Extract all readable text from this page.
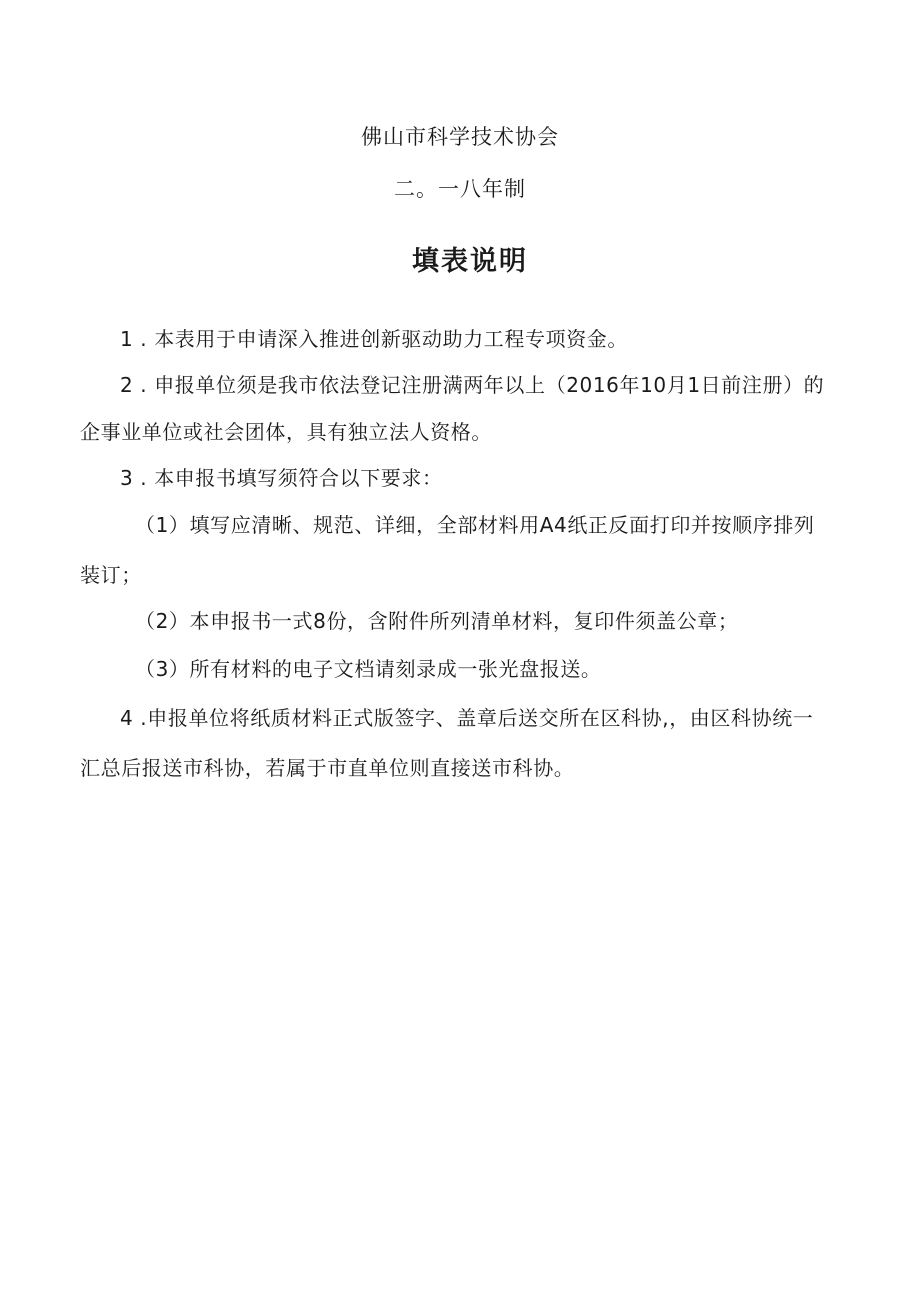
佛山市科学技术协会
二。一八年制
填表说明
1 . 本表用于申请深入推进创新驱动助力工程专项资金。
2 . 申报单位须是我市依法登记注册满两年以上（2016年10月1日前注册）的
企事业单位或社会团体，具有独立法人资格。
3 . 本申报书填写须符合以下要求：
（1）填写应清晰、规范、详细，全部材料用A4纸正反面打印并按顺序排列
装订；
（2）本申报书一式8份，含附件所列清单材料，复印件须盖公章；
（3）所有材料的电子文档请刻录成一张光盘报送。
4 .申报单位将纸质材料正式版签字、盖章后送交所在区科协,，由区科协统一
汇总后报送市科协，若属于市直单位则直接送市科协。
